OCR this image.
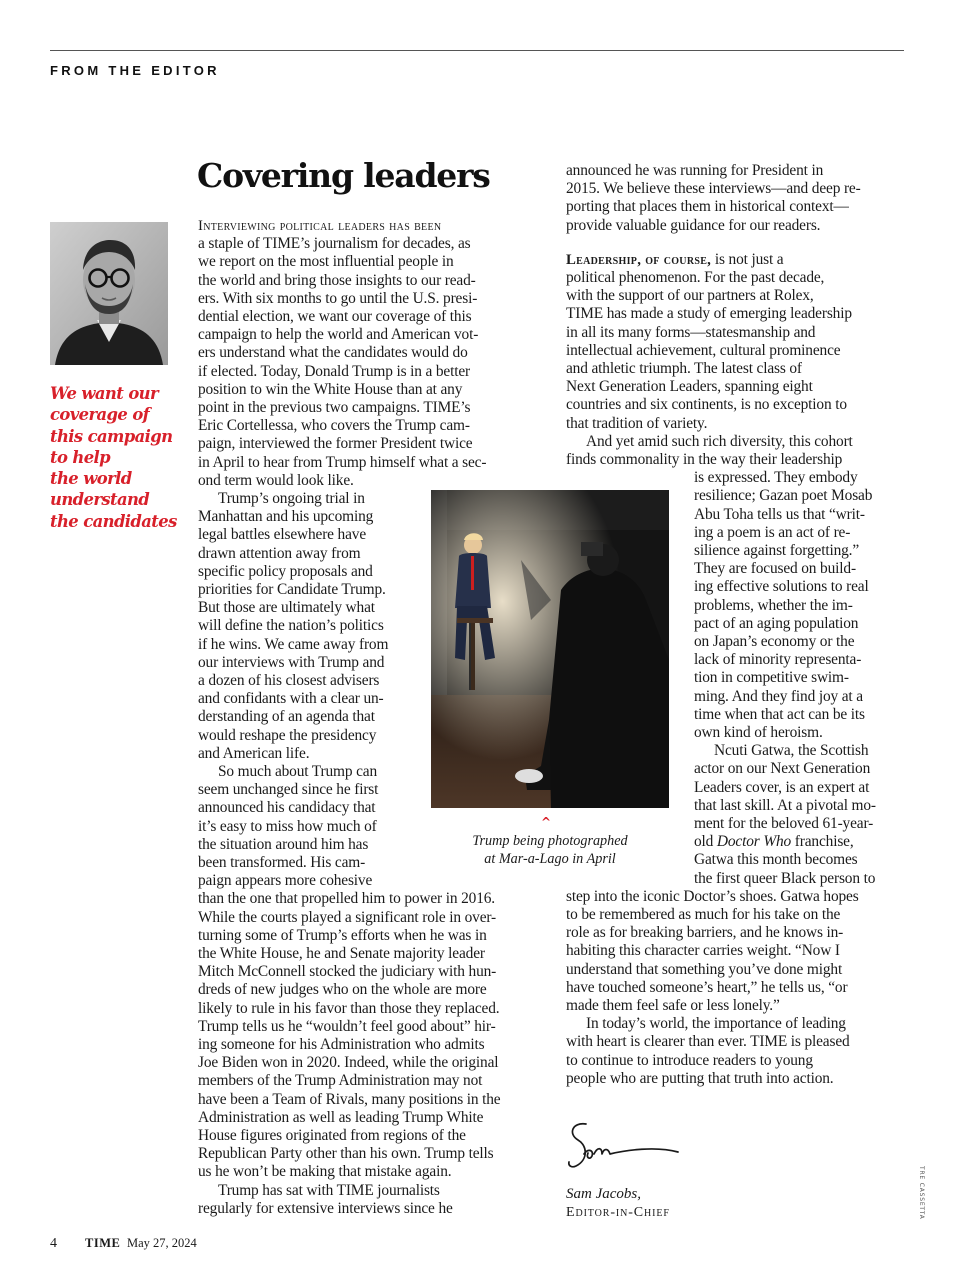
FROM THE EDITOR
Covering leaders
We want our
coverage of
this campaign
to help
the world
understand
the candidates
Interviewing political leaders has been
a staple of TIME’s journalism for decades, as
we report on the most influential people in
the world and bring those insights to our read-
ers. With six months to go until the U.S. presi-
dential election, we want our coverage of this
campaign to help the world and American vot-
ers understand what the candidates would do
if elected. Today, Donald Trump is in a better
position to win the White House than at any
point in the previous two campaigns. TIME’s
Eric Cortellessa, who covers the Trump cam-
paign, interviewed the former President twice
in April to hear from Trump himself what a sec-
ond term would look like.
Trump’s ongoing trial in
Manhattan and his upcoming
legal battles elsewhere have
drawn attention away from
specific policy proposals and
priorities for Candidate Trump.
But those are ultimately what
will define the nation’s politics
if he wins. We came away from
our interviews with Trump and
a dozen of his closest advisers
and confidants with a clear un-
derstanding of an agenda that
would reshape the presidency
and American life.
So much about Trump can
seem unchanged since he first
announced his candidacy that
it’s easy to miss how much of
the situation around him has
been transformed. His cam-
paign appears more cohesive
than the one that propelled him to power in 2016.
While the courts played a significant role in over-
turning some of Trump’s efforts when he was in
the White House, he and Senate majority leader
Mitch McConnell stocked the judiciary with hun-
dreds of new judges who on the whole are more
likely to rule in his favor than those they replaced.
Trump tells us he “wouldn’t feel good about” hir-
ing someone for his Administration who admits
Joe Biden won in 2020. Indeed, while the original
members of the Trump Administration may not
have been a Team of Rivals, many positions in the
Administration as well as leading Trump White
House figures originated from regions of the
Republican Party other than his own. Trump tells
us he won’t be making that mistake again.
Trump has sat with TIME journalists
regularly for extensive interviews since he
announced he was running for President in
2015. We believe these interviews—and deep re-
porting that places them in historical context—
provide valuable guidance for our readers.
Leadership, of course, is not just a
political phenomenon. For the past decade,
with the support of our partners at Rolex,
TIME has made a study of emerging leadership
in all its many forms—statesmanship and
intellectual achievement, cultural prominence
and athletic triumph. The latest class of
Next Generation Leaders, spanning eight
countries and six continents, is no exception to
that tradition of variety.
And yet amid such rich diversity, this cohort
finds commonality in the way their leadership
is expressed. They embody
resilience; Gazan poet Mosab
Abu Toha tells us that “writ-
ing a poem is an act of re-
silience against forgetting.”
They are focused on build-
ing effective solutions to real
problems, whether the im-
pact of an aging population
on Japan’s economy or the
lack of minority representa-
tion in competitive swim-
ming. And they find joy at a
time when that act can be its
own kind of heroism.
Ncuti Gatwa, the Scottish
actor on our Next Generation
Leaders cover, is an expert at
that last skill. At a pivotal mo-
ment for the beloved 61-year-
old Doctor Who franchise,
Gatwa this month becomes
the first queer Black person to
step into the iconic Doctor’s shoes. Gatwa hopes
to be remembered as much for his take on the
role as for breaking barriers, and he knows in-
habiting this character carries weight. “Now I
understand that something you’ve done might
have touched someone’s heart,” he tells us, “or
made them feel safe or less lonely.”
In today’s world, the importance of leading
with heart is clearer than ever. TIME is pleased
to continue to introduce readers to young
people who are putting that truth into action.
^
Trump being photographed
at Mar-a-Lago in April
Sam Jacobs,
Editor-in-Chief
4 TIME May 27, 2024
TRE CASSETTA
